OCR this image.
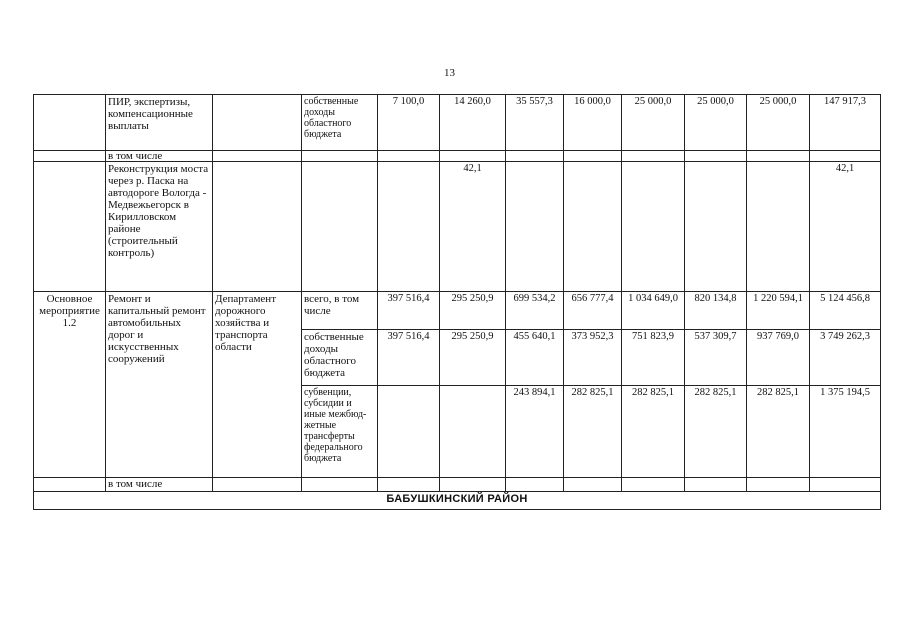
13
	ПИР, экспертизы, компенсационные выплаты		собственные доходы областного бюджета	7 100,0	14 260,0	35 557,3	16 000,0	25 000,0	25 000,0	25 000,0	147 917,3
	в том числе										
	Реконструкция моста через р. Паска на автодороге Вологда - Медвежьегорск в Кирилловском районе (строительный контроль)				42,1						42,1
Основное мероприятие 1.2	Ремонт и капитальный ремонт автомобильных дорог и искусственных сооружений	Департамент дорожного хозяйства и транспорта области	всего, в том числе	397 516,4	295 250,9	699 534,2	656 777,4	1 034 649,0	820 134,8	1 220 594,1	5 124 456,8
			собственные доходы областного бюджета	397 516,4	295 250,9	455 640,1	373 952,3	751 823,9	537 309,7	937 769,0	3 749 262,3
			субвенции, субсидии и иные межбюд-жетные трансферты федерального бюджета			243 894,1	282 825,1	282 825,1	282 825,1	282 825,1	1 375 194,5
	в том числе										
БАБУШКИНСКИЙ РАЙОН											
